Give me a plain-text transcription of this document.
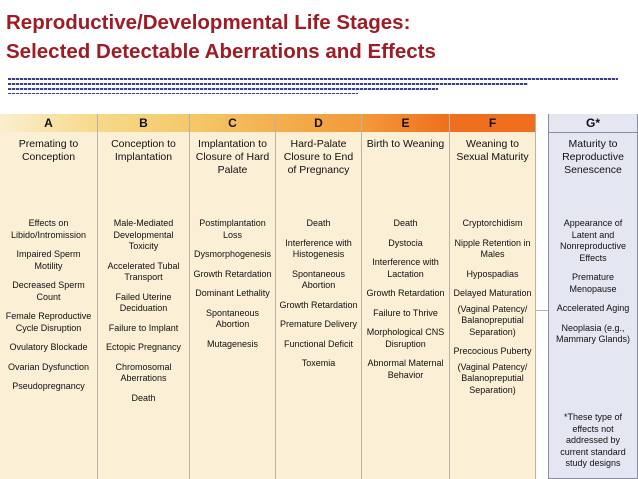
Reproductive/Developmental Life Stages:
Selected Detectable Aberrations and Effects
A
Premating to Conception
Effects on Libido/Intromission
Impaired Sperm Motility
Decreased Sperm Count
Female Reproductive Cycle Disruption
Ovulatory Blockade
Ovarian Dysfunction
Pseudopregnancy
B
Conception to Implantation
Male-Mediated Developmental Toxicity
Accelerated Tubal Transport
Failed Uterine Deciduation
Failure to Implant
Ectopic Pregnancy
Chromosomal Aberrations
Death
C
Implantation to Closure of Hard Palate
Postimplantation Loss
Dysmorphogenesis
Growth Retardation
Dominant Lethality
Spontaneous Abortion
Mutagenesis
D
Hard-Palate Closure to End of Pregnancy
Death
Interference with Histogenesis
Spontaneous Abortion
Growth Retardation
Premature Delivery
Functional Deficit
Toxemia
E
Birth to Weaning
Death
Dystocia
Interference with Lactation
Growth Retardation
Failure to Thrive
Morphological CNS Disruption
Abnormal Maternal Behavior
F
Weaning to Sexual Maturity
Cryptorchidism
Nipple Retention in Males
Hypospadias
Delayed Maturation
(Vaginal Patency/ Balanopreputial Separation)
Precocious Puberty
(Vaginal Patency/ Balanopreputial Separation)
G*
Maturity to Reproductive Senescence
Appearance of Latent and Nonreproductive Effects
Premature Menopause
Accelerated Aging
Neoplasia (e.g., Mammary Glands)
*These type of effects not addressed by current standard study designs
